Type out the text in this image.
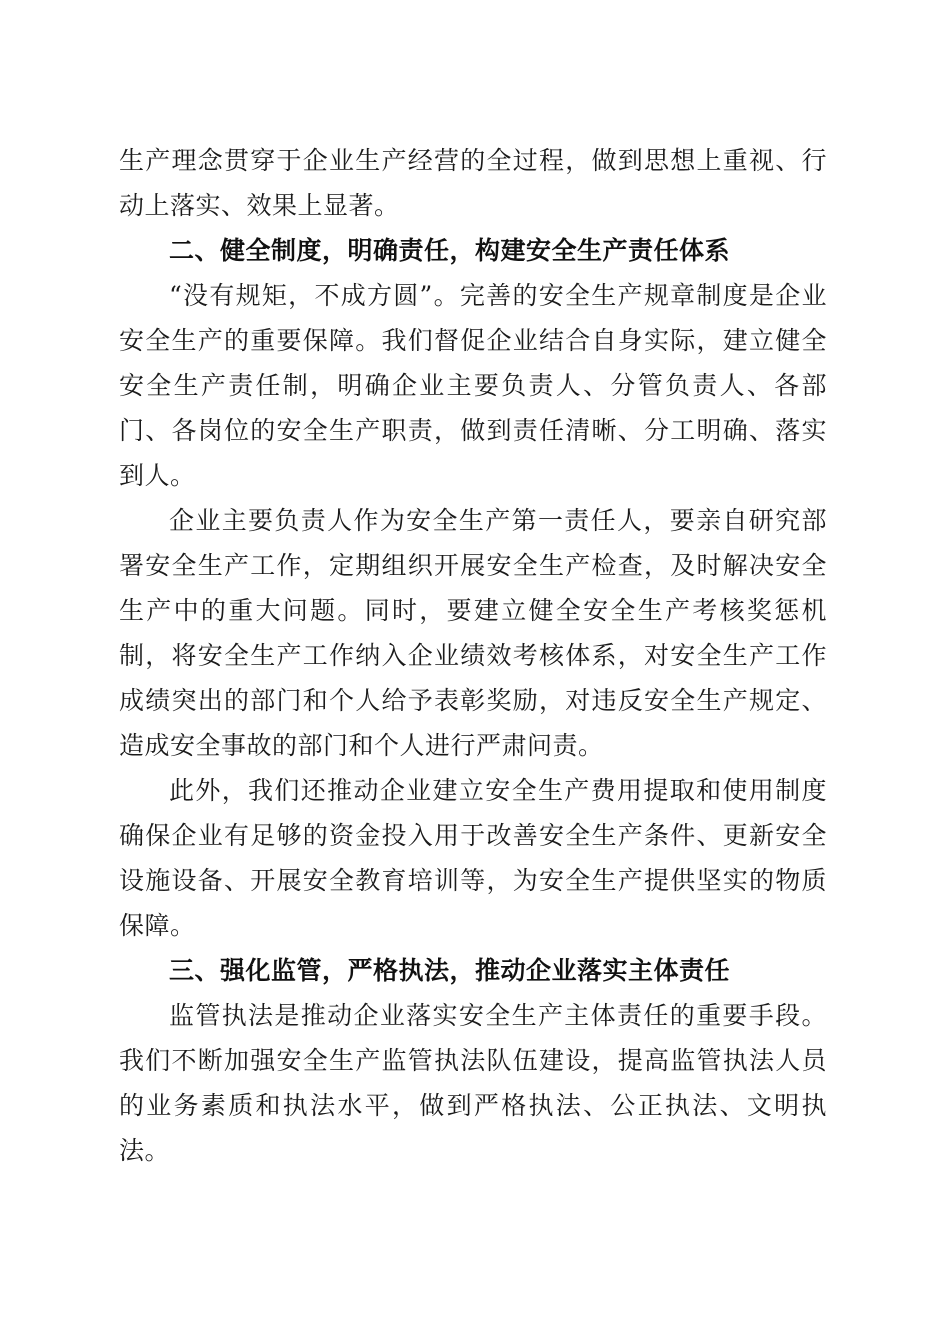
生产理念贯穿于企业生产经营的全过程，做到思想上重视、行动上落实、效果上显著。

二、健全制度，明确责任，构建安全生产责任体系

“没有规矩，不成方圆”。完善的安全生产规章制度是企业安全生产的重要保障。我们督促企业结合自身实际，建立健全安全生产责任制，明确企业主要负责人、分管负责人、各部门、各岗位的安全生产职责，做到责任清晰、分工明确、落实到人。

企业主要负责人作为安全生产第一责任人，要亲自研究部署安全生产工作，定期组织开展安全生产检查，及时解决安全生产中的重大问题。同时，要建立健全安全生产考核奖惩机制，将安全生产工作纳入企业绩效考核体系，对安全生产工作成绩突出的部门和个人给予表彰奖励，对违反安全生产规定、造成安全事故的部门和个人进行严肃问责。

此外，我们还推动企业建立安全生产费用提取和使用制度确保企业有足够的资金投入用于改善安全生产条件、更新安全设施设备、开展安全教育培训等，为安全生产提供坚实的物质保障。

三、强化监管，严格执法，推动企业落实主体责任

监管执法是推动企业落实安全生产主体责任的重要手段。我们不断加强安全生产监管执法队伍建设，提高监管执法人员的业务素质和执法水平，做到严格执法、公正执法、文明执法。
